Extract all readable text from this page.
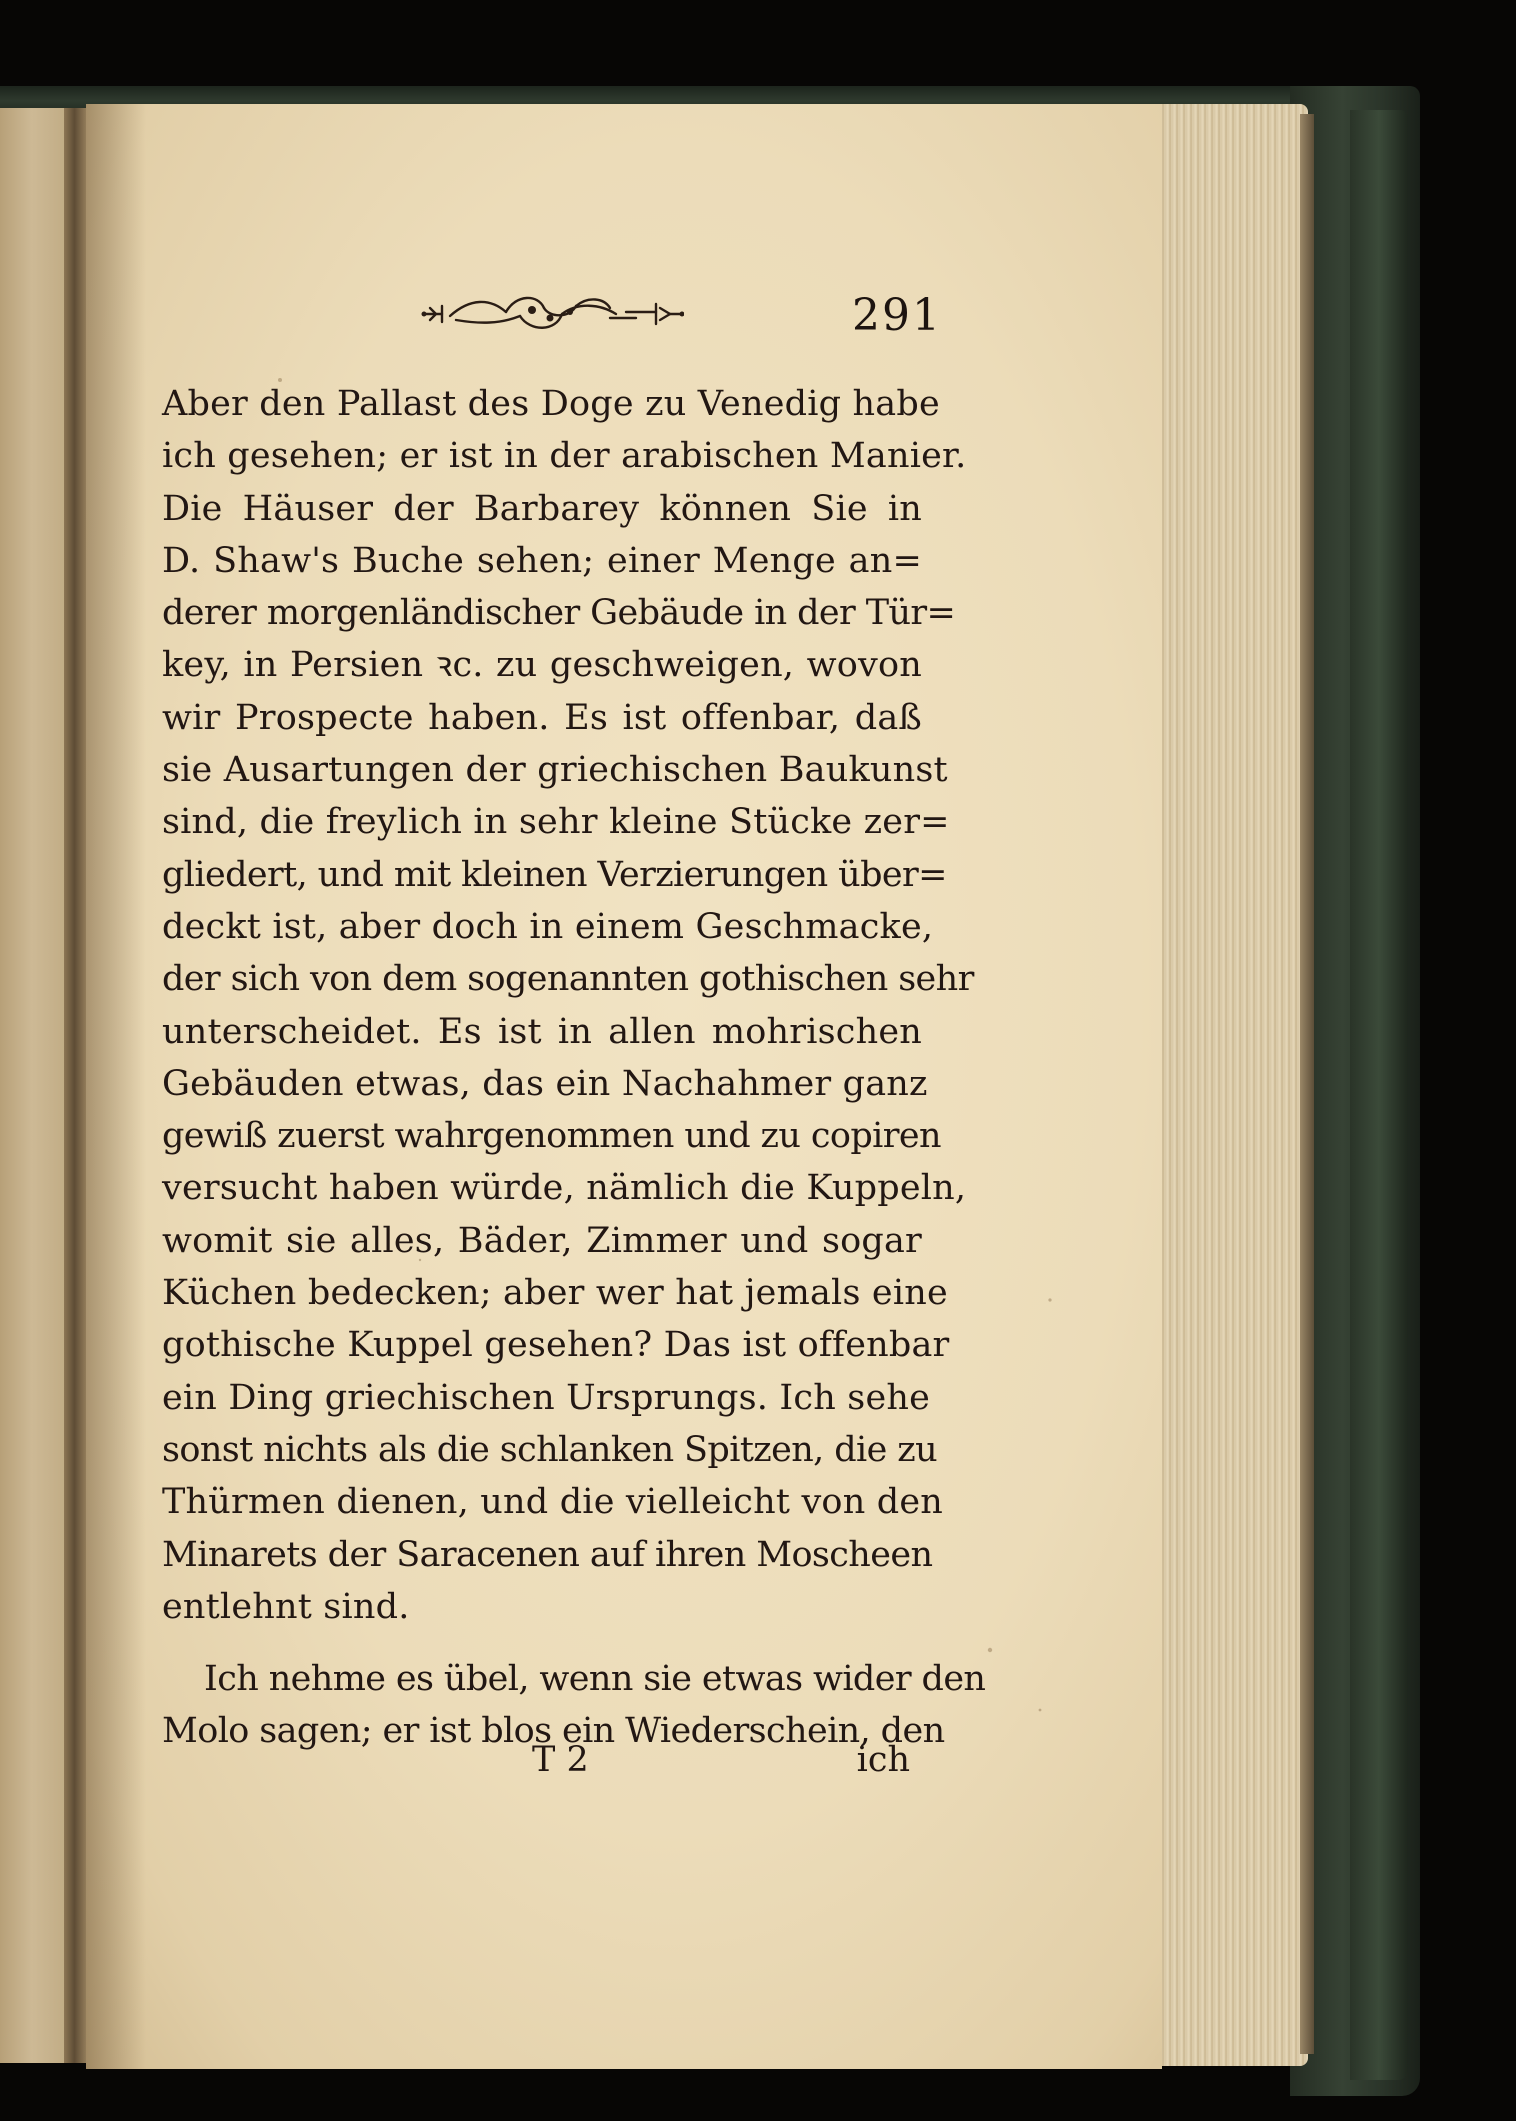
291
Aber den Pallast des Doge zu Venedig habe
ich gesehen; er ist in der arabischen Manier.
Die Häuser der Barbarey können Sie in
D. Shaw's Buche sehen; einer Menge an=
derer morgenländischer Gebäude in der Tür=
key, in Persien ꝛc. zu geschweigen, wovon
wir Prospecte haben. Es ist offenbar, daß
sie Ausartungen der griechischen Baukunst
sind, die freylich in sehr kleine Stücke zer=
gliedert, und mit kleinen Verzierungen über=
deckt ist, aber doch in einem Geschmacke,
der sich von dem sogenannten gothischen sehr
unterscheidet. Es ist in allen mohrischen
Gebäuden etwas, das ein Nachahmer ganz
gewiß zuerst wahrgenommen und zu copiren
versucht haben würde, nämlich die Kuppeln,
womit sie alles, Bäder, Zimmer und sogar
Küchen bedecken; aber wer hat jemals eine
gothische Kuppel gesehen? Das ist offenbar
ein Ding griechischen Ursprungs. Ich sehe
sonst nichts als die schlanken Spitzen, die zu
Thürmen dienen, und die vielleicht von den
Minarets der Saracenen auf ihren Moscheen
entlehnt sind.
Ich nehme es übel, wenn sie etwas wider den
Molo sagen; er ist blos ein Wiederschein, den
T 2	ich
